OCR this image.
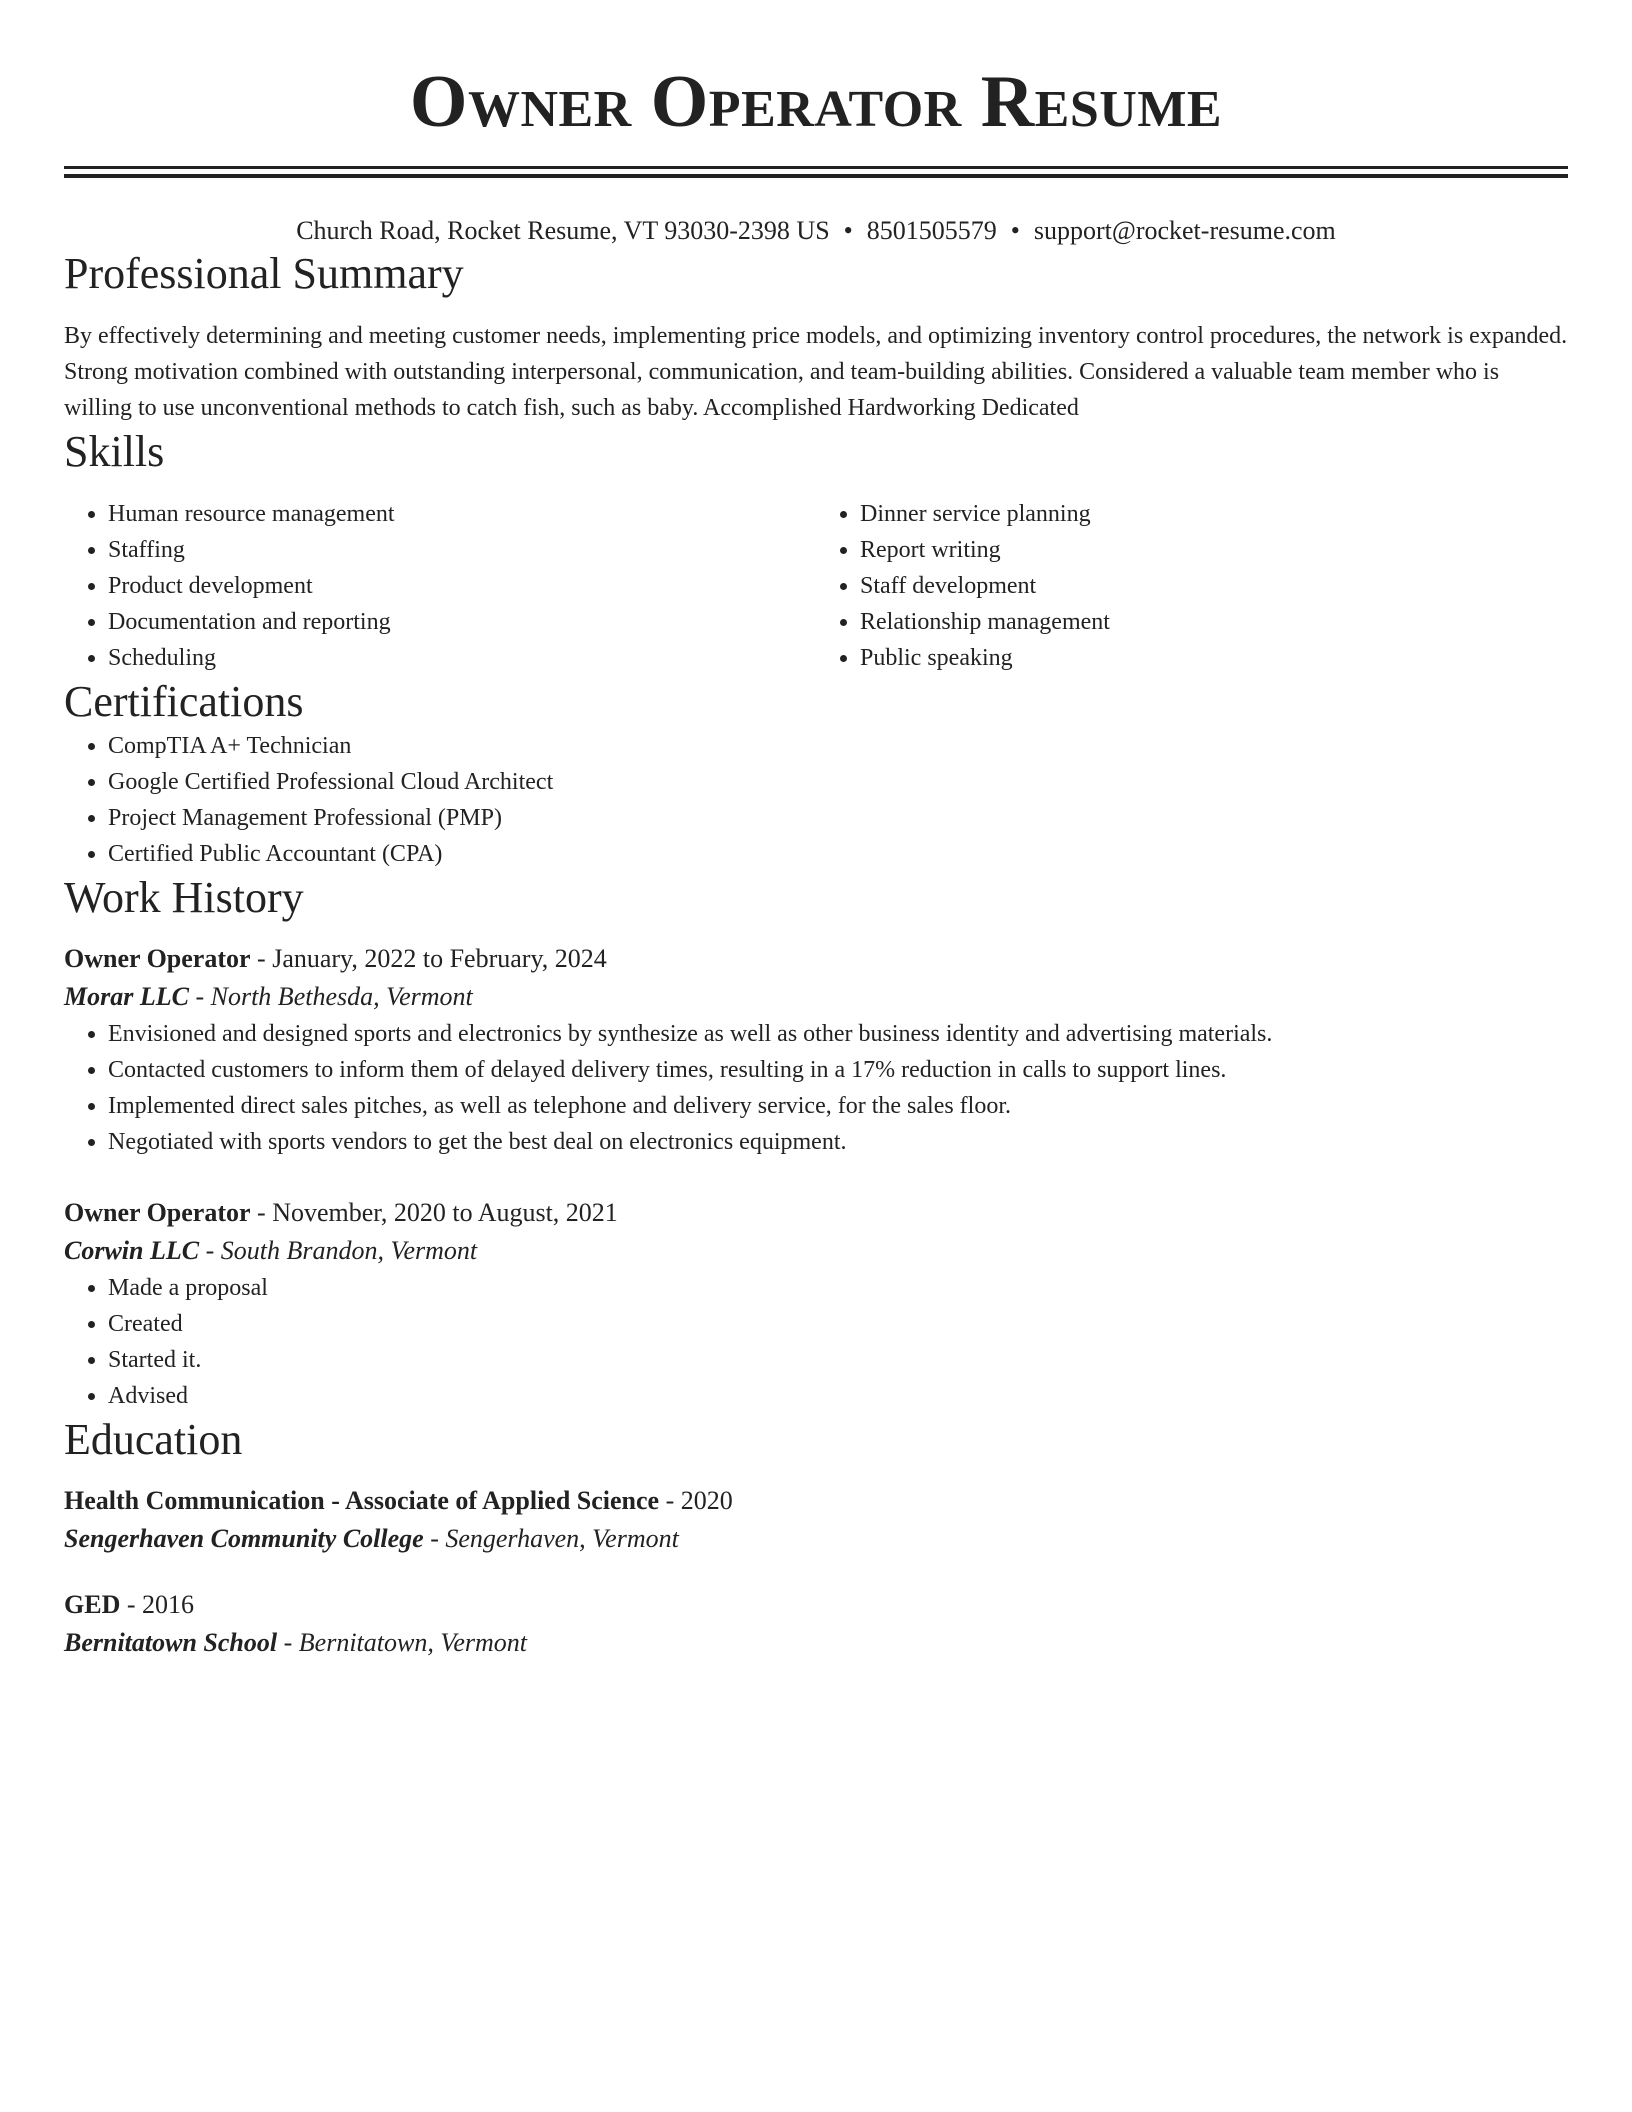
Owner Operator Resume
Church Road, Rocket Resume, VT 93030-2398 US • 8501505579 • support@rocket-resume.com
Professional Summary
By effectively determining and meeting customer needs, implementing price models, and optimizing inventory control procedures, the network is expanded. Strong motivation combined with outstanding interpersonal, communication, and team-building abilities. Considered a valuable team member who is willing to use unconventional methods to catch fish, such as baby. Accomplished Hardworking Dedicated
Skills
• Human resource management
• Staffing
• Product development
• Documentation and reporting
• Scheduling
• Dinner service planning
• Report writing
• Staff development
• Relationship management
• Public speaking
Certifications
• CompTIA A+ Technician
• Google Certified Professional Cloud Architect
• Project Management Professional (PMP)
• Certified Public Accountant (CPA)
Work History
Owner Operator - January, 2022 to February, 2024
Morar LLC - North Bethesda, Vermont
• Envisioned and designed sports and electronics by synthesize as well as other business identity and advertising materials.
• Contacted customers to inform them of delayed delivery times, resulting in a 17% reduction in calls to support lines.
• Implemented direct sales pitches, as well as telephone and delivery service, for the sales floor.
• Negotiated with sports vendors to get the best deal on electronics equipment.
Owner Operator - November, 2020 to August, 2021
Corwin LLC - South Brandon, Vermont
• Made a proposal
• Created
• Started it.
• Advised
Education
Health Communication - Associate of Applied Science - 2020
Sengerhaven Community College - Sengerhaven, Vermont
GED - 2016
Bernitatown School - Bernitatown, Vermont
